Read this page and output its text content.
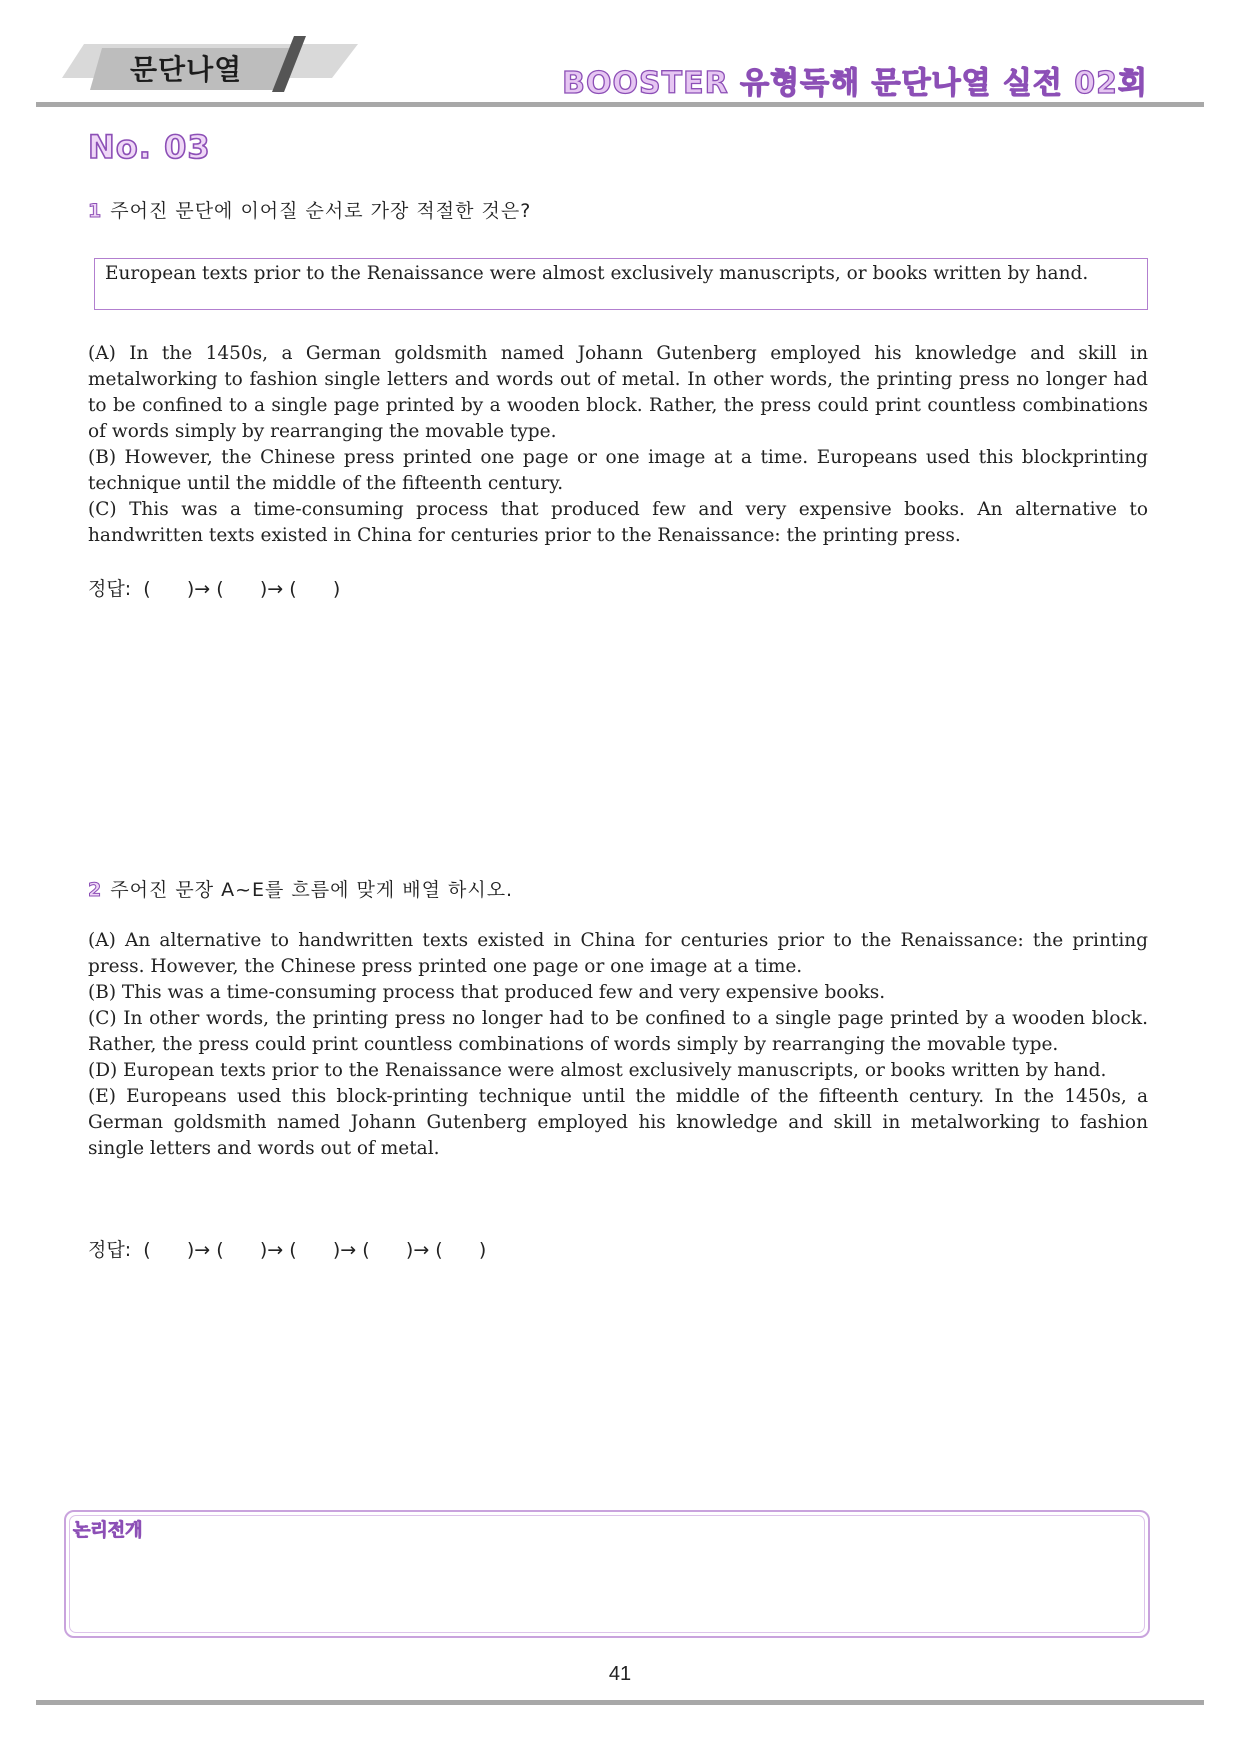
문단나열	BOOSTER 유형독해 문단나열 실전 02회
No. 03
1 주어진 문단에 이어질 순서로 가장 적절한 것은?
European texts prior to the Renaissance were almost exclusively manuscripts, or books written by hand.

(A) In the 1450s, a German goldsmith named Johann Gutenberg employed his knowledge and skill in metalworking to fashion single letters and words out of metal. In other words, the printing press no longer had to be confined to a single page printed by a wooden block. Rather, the press could print countless combinations of words simply by rearranging the movable type.

(B) However, the Chinese press printed one page or one image at a time. Europeans used this blockprinting technique until the middle of the fifteenth century.

(C) This was a time-consuming process that produced few and very expensive books. An alternative to handwritten texts existed in China for centuries prior to the Renaissance: the printing press.

정답:  (      )→ (      )→ (      )
2 주어진 문장 A~E를 흐름에 맞게 배열 하시오.

(A) An alternative to handwritten texts existed in China for centuries prior to the Renaissance: the printing press. However, the Chinese press printed one page or one image at a time.

(B) This was a time-consuming process that produced few and very expensive books.

(C) In other words, the printing press no longer had to be confined to a single page printed by a wooden block. Rather, the press could print countless combinations of words simply by rearranging the movable type.

(D) European texts prior to the Renaissance were almost exclusively manuscripts, or books written by hand.

(E) Europeans used this block-printing technique until the middle of the fifteenth century. In the 1450s, a German goldsmith named Johann Gutenberg employed his knowledge and skill in metalworking to fashion single letters and words out of metal.

정답:  (      )→ (      )→ (      )→ (      )→ (      )
논리전개
41
